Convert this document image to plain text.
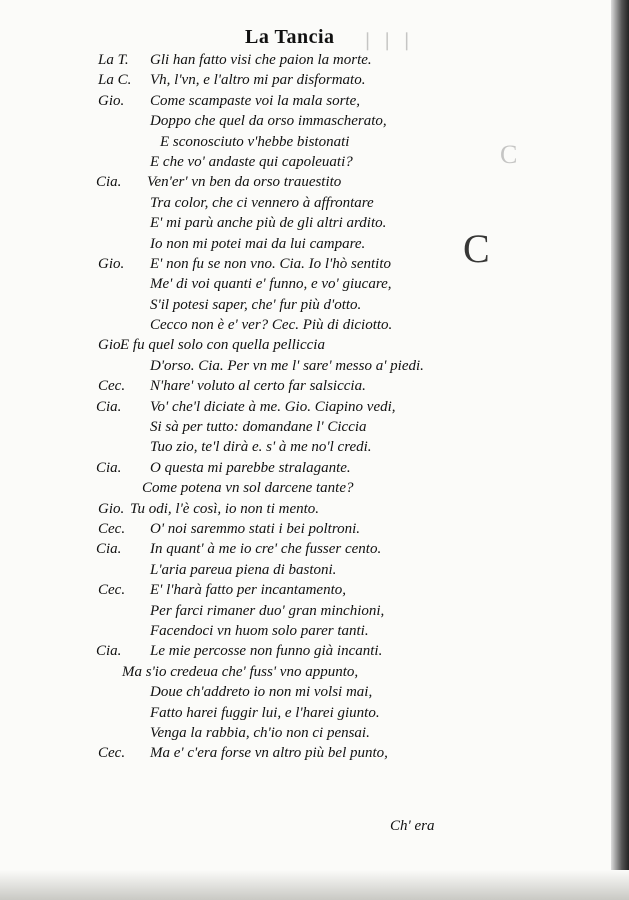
❘ ❘ ❘
C
C
La Tancia
La T. Gli han fatto visi che paion la morte.
La C. Vh, l'vn, e l'altro mi par disformato.
Gio. Come scampaste voi la mala sorte,
Doppo che quel da orso immascherato,
E sconosciuto v'hebbe bistonati
E che vo' andaste qui capoleuati?
Cia. Ven'er' vn ben da orso trauestito
Tra color, che ci vennero à affrontare
E' mi parù anche più de gli altri ardito.
Io non mi potei mai da lui campare.
Gio. E' non fu se non vno. Cia. Io l'hò sentito
Me' di voi quanti e' funno, e vo' giucare,
S'il potesi saper, che' fur più d'otto.
Cecco non è e' ver? Cec. Più di diciotto.
Gio.
E fu quel solo con quella pelliccia
D'orso. Cia. Per vn me l' sare' messo a' piedi.
Cec. N'hare' voluto al certo far salsiccia.
Cia. Vo' che'l diciate à me. Gio. Ciapino vedi,
Si sà per tutto: domandane l' Ciccia
Tuo zio, te'l dirà e. s' à me no'l credi.
Cia. O questa mi parebbe stralagante.
Come potena vn sol darcene tante?
Gio. Tu odi, l'è così, io non ti mento.
Cec. O' noi saremmo stati i bei poltroni.
Cia. In quant' à me io cre' che fusser cento.
L'aria pareua piena di bastoni.
Cec. E' l'harà fatto per incantamento,
Per farci rimaner duo' gran minchioni,
Facendoci vn huom solo parer tanti.
Cia. Le mie percosse non funno già incanti.
Ma s'io credeua che' fuss' vno appunto,
Doue ch'addreto io non mi volsi mai,
Fatto harei fuggir lui, e l'harei giunto.
Venga la rabbia, ch'io non ci pensai.
Cec. Ma e' c'era forse vn altro più bel punto,
Ch' era
